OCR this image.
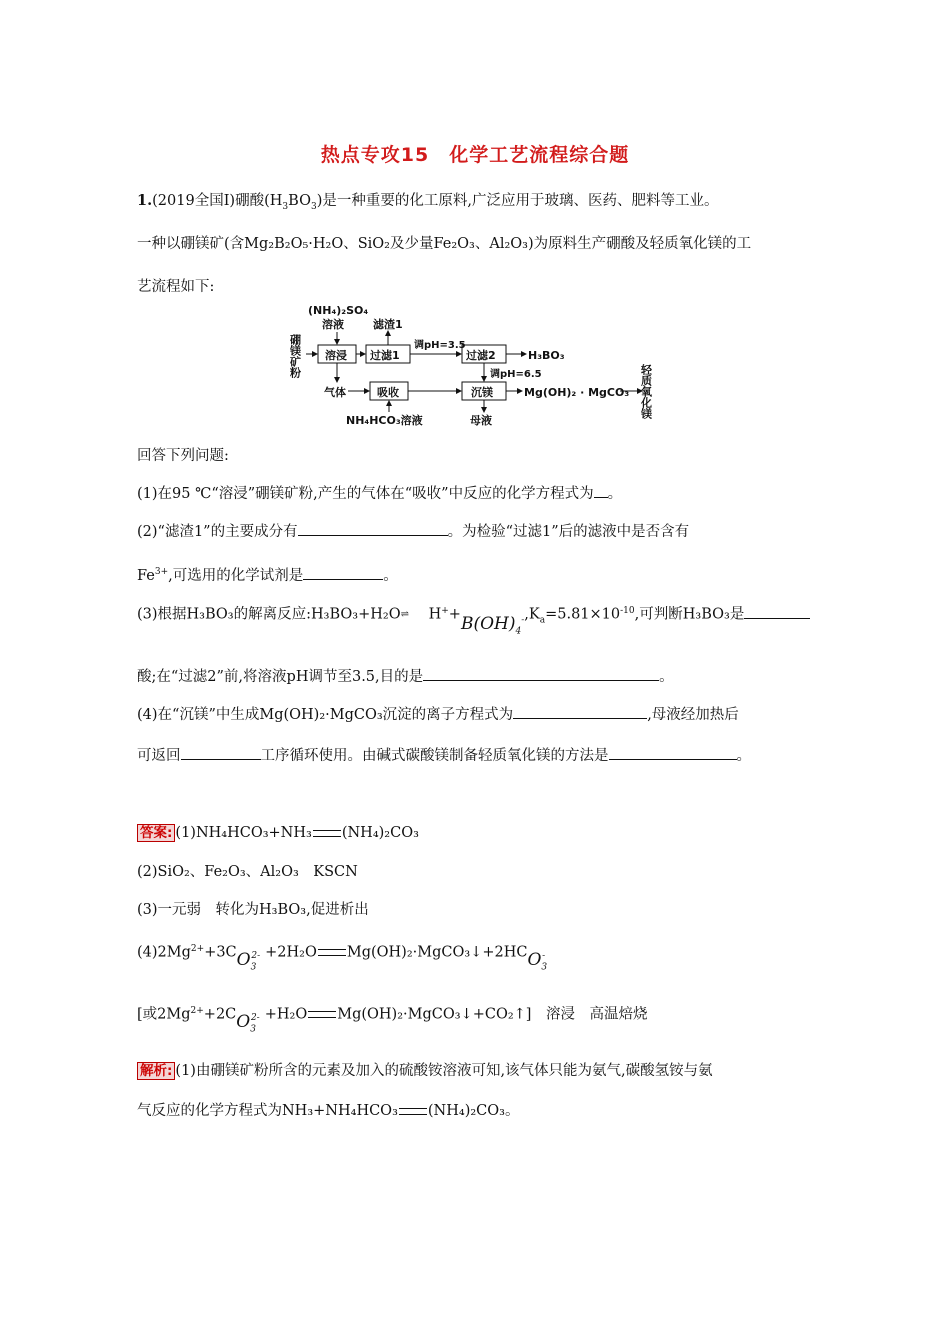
热点专攻15　化学工艺流程综合题
1.(2019全国Ⅰ)硼酸$(H_3BO_3)$是一种重要的化工原料,广泛应用于玻璃、医药、肥料等工业。
一种以硼镁矿(含Mg₂B₂O₅·H₂O、SiO₂及少量Fe₂O₃、Al₂O₃)为原料生产硼酸及轻质氧化镁的工
艺流程如下:
硼镁矿粉
(NH₄)₂SO₄
溶液	滤渣1
溶浸 过滤1	过滤2
吸收	沉镁
调pH=3.5
调pH=6.5
H₃BO₃
气体
NH₄HCO₃溶液	母液
Mg(OH)₂ · MgCO₃ 轻质氧化镁
回答下列问题:
(1)在95 ℃“溶浸”硼镁矿粉,产生的气体在“吸收”中反应的化学方程式为 。
(2)“滤渣1”的主要成分有	。为检验“过滤1”后的滤液中是否含有
$Fe^{3+}$,可选用的化学试剂是	。
(3)根据H₃BO₃的解离反应:H₃BO₃+H₂O⇌ $H^++B(OH)_4^-,K_a=5.81\times 10^{-10}$,可判断H₃BO₃是
酸;在“过滤2”前,将溶液pH调节至3.5,目的是	。
(4)在“沉镁”中生成Mg(OH)₂·MgCO₃沉淀的离子方程式为	,母液经加热后
可返回	工序循环使用。由碱式碳酸镁制备轻质氧化镁的方法是	。
答案: (1)NH₄HCO₃+NH₃ (NH₄)₂CO₃
(2)SiO₂、Fe₂O₃、Al₂O₃　KSCN
(3)一元弱　转化为H₃BO₃,促进析出
$(4)2Mg^{2+}+3CO_3^{2-} +2H_2O$ $Mg(OH)_2\cdot MgCO_3↓+2HCO_3^-$
[或$2Mg^{2+}+2CO_3^{2-} +H_2O$ Mg(OH)₂·MgCO₃↓+CO₂↑]　溶浸　高温焙烧
解析: (1)由硼镁矿粉所含的元素及加入的硫酸铵溶液可知,该气体只能为氨气,碳酸氢铵与氨
气反应的化学方程式为NH₃+NH₄HCO₃ (NH₄)₂CO₃。
